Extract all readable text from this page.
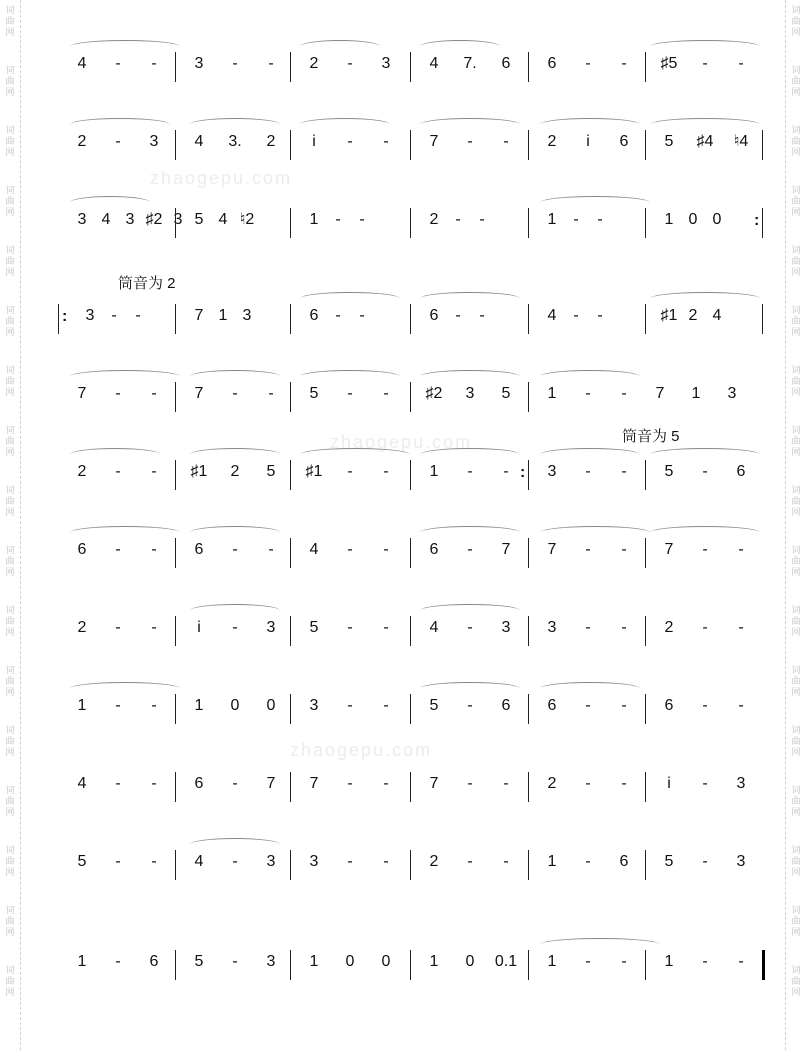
词
曲
网
词
曲
网
词
曲
网
词
曲
网
词
曲
网
词
曲
网
词
曲
网
词
曲
网
词
曲
网
词
曲
网
词
曲
网
词
曲
网
词
曲
网
词
曲
网
词
曲
网
词
曲
网
词
曲
网
词
曲
网
词
曲
网
词
曲
网
词
曲
网
词
曲
网
词
曲
网
词
曲
网
词
曲
网
词
曲
网
词
曲
网
词
曲
网
词
曲
网
词
曲
网
词
曲
网
词
曲
网
词
曲
网
词
曲
网
zhaogepu.com
zhaogepu.com
zhaogepu.com
筒音为 2
筒音为 5
4	-	-	3	-	-	2	-	3	4	7.	6	6	-	-	♯5	-	-
2	-	3	4	3.	2	i	-	-	7	-	-	2	i	6	5	♯4 ♮4
3 4 3 ♯2 3 5 4 ♮2	1	-	-	2	-	-	1	-	-	1 0 0	:
:	3	-	-	7 1 3	6	-	-	6	-	-	4	-	-	♯1 2 4
7	-	-	7	-	-	5	-	-	♯2	3	5	1	-	-	7	1	3
2	-	-	♯1	2	5	♯1	-	-	1	-	- :	3	-	-	5	-	6
6	-	-	6	-	-	4	-	-	6	-	7	7	-	-	7	-	-
2	-	-	i	-	3	5	-	-	4	-	3	3	-	-	2	-	-
1	-	-	1	0	0	3	-	-	5	-	6	6	-	-	6	-	-
4	-	-	6	-	7	7	-	-	7	-	-	2	-	-	i	-	3
5	-	-	4	-	3	3	-	-	2	-	-	1	-	6	5	-	3
1	-	6	5	-	3	1	0	0	1	0	0.1	1	-	-	1	-	-
